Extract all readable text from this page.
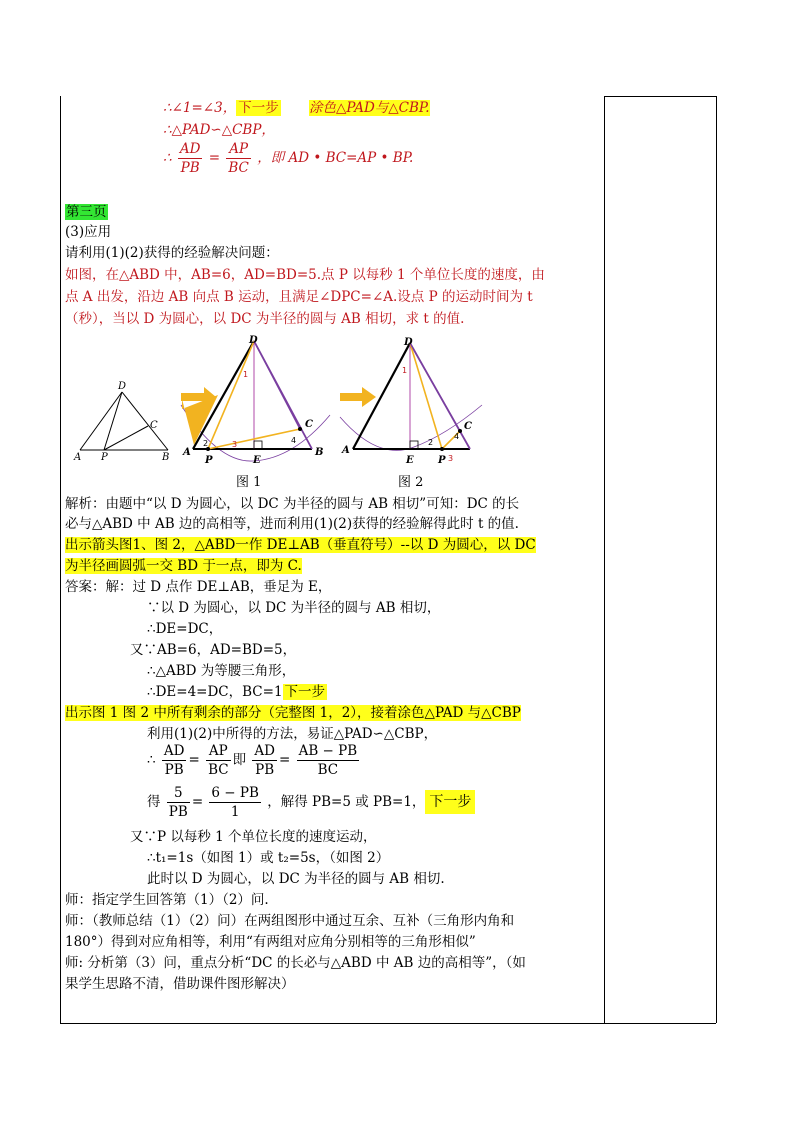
∴∠1=∠3， 下一步 涂色△PAD与△CBP.
∴△PAD∽△CBP，
∴ $\frac{AD}{PB} = \frac{AP}{BC}$ ，即 AD • BC=AP • BP.
第三页
(3)应用
请利用(1)(2)获得的经验解决问题：
如图，在△ABD 中，AB=6，AD=BD=5.点 P 以每秒 1 个单位长度的速度，由
点 A 出发，沿边 AB 向点 B 运动，且满足∠DPC=∠A.设点 P 的运动时间为 t
（秒），当以 D 为圆心，以 DC 为半径的圆与 AB 相切，求 t 的值.
D
C
A P	B
D
C
A
P	E
B
1
2	3	4
图 1
D
C
A
E P
1
2
3
4
图 2
解析：由题中“以 D 为圆心，以 DC 为半径的圆与 AB 相切”可知：DC 的长
必与△ABD 中 AB 边的高相等，进而利用(1)(2)获得的经验解得此时 t 的值.
出示箭头图1、图 2，△ABD一作 DE⊥AB（垂直符号）--以 D 为圆心，以 DC
为半径画圆弧一交 BD 于一点，即为 C.
答案：解：过 D 点作 DE⊥AB，垂足为 E，
∵以 D 为圆心，以 DC 为半径的圆与 AB 相切，
∴DE=DC，
又∵AB=6，AD=BD=5，
∴△ABD 为等腰三角形，
∴DE=4=DC，BC=1 下一步
出示图 1 图 2 中所有剩余的部分（完整图 1，2），接着涂色△PAD 与△CBP
利用(1)(2)中所得的方法，易证△PAD∽△CBP，
∴ $\frac{AD}{PB} = \frac{AP}{BC}$ 即 $\frac{AD}{PB} = \frac{AB - PB}{BC}$
得 $\frac{5}{PB} = \frac{6 - PB}{1}$ ，解得 PB=5 或 PB=1， 下一步
又∵P 以每秒 1 个单位长度的速度运动，
∴t₁=1s（如图 1）或 t₂=5s，（如图 2）
此时以 D 为圆心，以 DC 为半径的圆与 AB 相切.
师：指定学生回答第（1）（2）问.
师：（教师总结（1）（2）问）在两组图形中通过互余、互补（三角形内角和
180°）得到对应角相等，利用“有两组对应角分别相等的三角形相似”
师: 分析第（3）问，重点分析“DC 的长必与△ABD 中 AB 边的高相等”，（如
果学生思路不清，借助课件图形解决）
